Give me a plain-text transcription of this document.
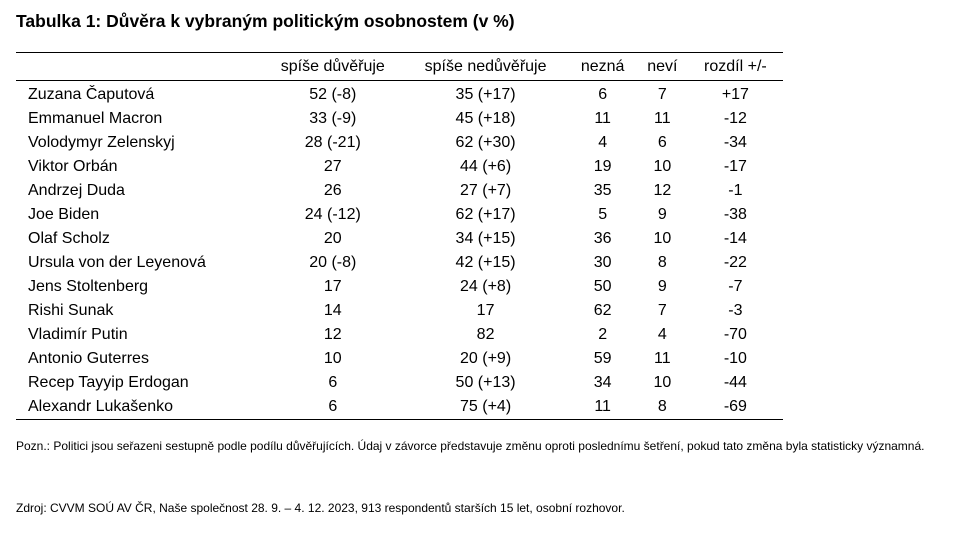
Tabulka 1: Důvěra k vybraným politickým osobnostem (v %)
	spíše důvěřuje	spíše nedůvěřuje	nezná	neví	rozdíl +/-
Zuzana Čaputová	52 (-8)	35 (+17)	6	7	+17
Emmanuel Macron	33 (-9)	45 (+18)	11	11	-12
Volodymyr Zelenskyj	28 (-21)	62 (+30)	4	6	-34
Viktor Orbán	27	44 (+6)	19	10	-17
Andrzej Duda	26	27 (+7)	35	12	-1
Joe Biden	24 (-12)	62 (+17)	5	9	-38
Olaf Scholz	20	34 (+15)	36	10	-14
Ursula von der Leyenová	20 (-8)	42 (+15)	30	8	-22
Jens Stoltenberg	17	24 (+8)	50	9	-7
Rishi Sunak	14	17	62	7	-3
Vladimír Putin	12	82	2	4	-70
Antonio Guterres	10	20 (+9)	59	11	-10
Recep Tayyip Erdogan	6	50 (+13)	34	10	-44
Alexandr Lukašenko	6	75 (+4)	11	8	-69
Pozn.: Politici jsou seřazeni sestupně podle podílu důvěřujících. Údaj v závorce představuje změnu oproti poslednímu šetření, pokud tato změna byla statisticky významná.
Zdroj: CVVM SOÚ AV ČR, Naše společnost 28. 9. – 4. 12. 2023, 913 respondentů starších 15 let, osobní rozhovor.
